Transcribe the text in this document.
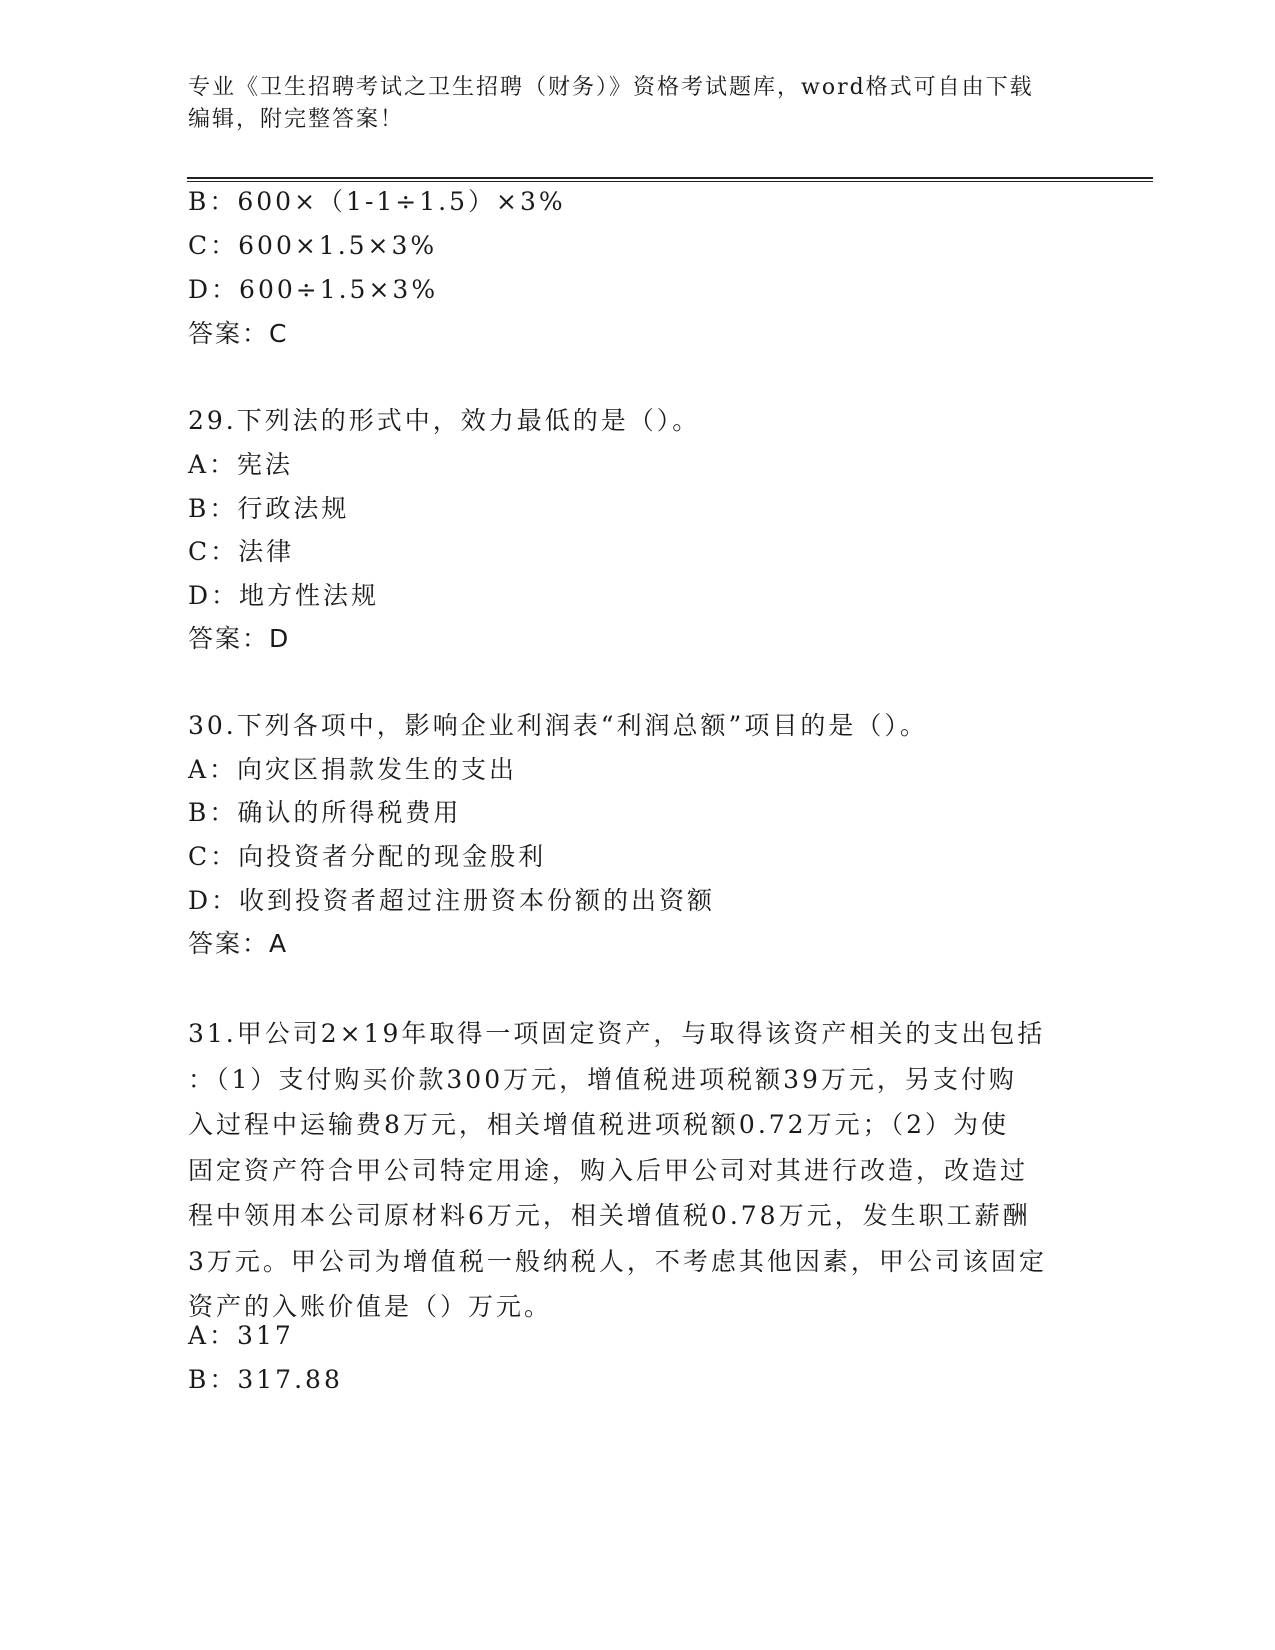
专业《卫生招聘考试之卫生招聘（财务）》资格考试题库，word格式可自由下载
编辑，附完整答案！
B：600×（1-1÷1.5）×3%
C：600×1.5×3%
D：600÷1.5×3%
答案：C
29.下列法的形式中，效力最低的是（）。
A：宪法
B：行政法规
C：法律
D：地方性法规
答案：D
30.下列各项中，影响企业利润表“利润总额”项目的是（）。
A：向灾区捐款发生的支出
B：确认的所得税费用
C：向投资者分配的现金股利
D：收到投资者超过注册资本份额的出资额
答案：A
31.甲公司2×19年取得一项固定资产，与取得该资产相关的支出包括
：（1）支付购买价款300万元，增值税进项税额39万元，另支付购
入过程中运输费8万元，相关增值税进项税额0.72万元；（2）为使
固定资产符合甲公司特定用途，购入后甲公司对其进行改造，改造过
程中领用本公司原材料6万元，相关增值税0.78万元，发生职工薪酬
3万元。甲公司为增值税一般纳税人，不考虑其他因素，甲公司该固定
资产的入账价值是（）万元。
A：317
B：317.88
